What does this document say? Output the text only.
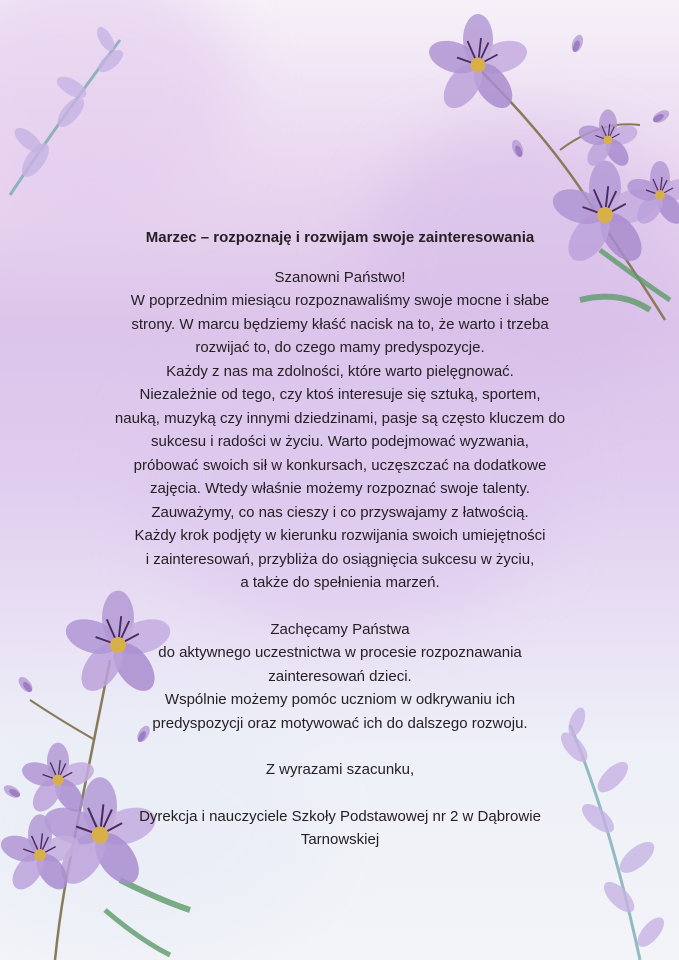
Marzec – rozpoznaję i rozwijam swoje zainteresowania

Szanowni Państwo!

W poprzednim miesiącu rozpoznawaliśmy swoje mocne i słabe

strony. W marcu będziemy kłaść nacisk na to, że warto i trzeba

rozwijać to, do czego mamy predyspozycje.

Każdy z nas ma zdolności, które warto pielęgnować.

Niezależnie od tego, czy ktoś interesuje się sztuką, sportem,

nauką, muzyką czy innymi dziedzinami, pasje są często kluczem do

sukcesu i radości w życiu. Warto podejmować wyzwania,

próbować swoich sił w konkursach, uczęszczać na dodatkowe

zajęcia. Wtedy właśnie możemy rozpoznać swoje talenty.

Zauważymy, co nas cieszy i co przyswajamy z łatwością.

Każdy krok podjęty w kierunku rozwijania swoich umiejętności

i zainteresowań, przybliża do osiągnięcia sukcesu w życiu,

a także do spełnienia marzeń.

Zachęcamy Państwa

do aktywnego uczestnictwa w procesie rozpoznawania

zainteresowań dzieci.

Wspólnie możemy pomóc uczniom w odkrywaniu ich

predyspozycji oraz motywować ich do dalszego rozwoju.

Z wyrazami szacunku,

Dyrekcja i nauczyciele Szkoły Podstawowej nr 2 w Dąbrowie

Tarnowskiej
